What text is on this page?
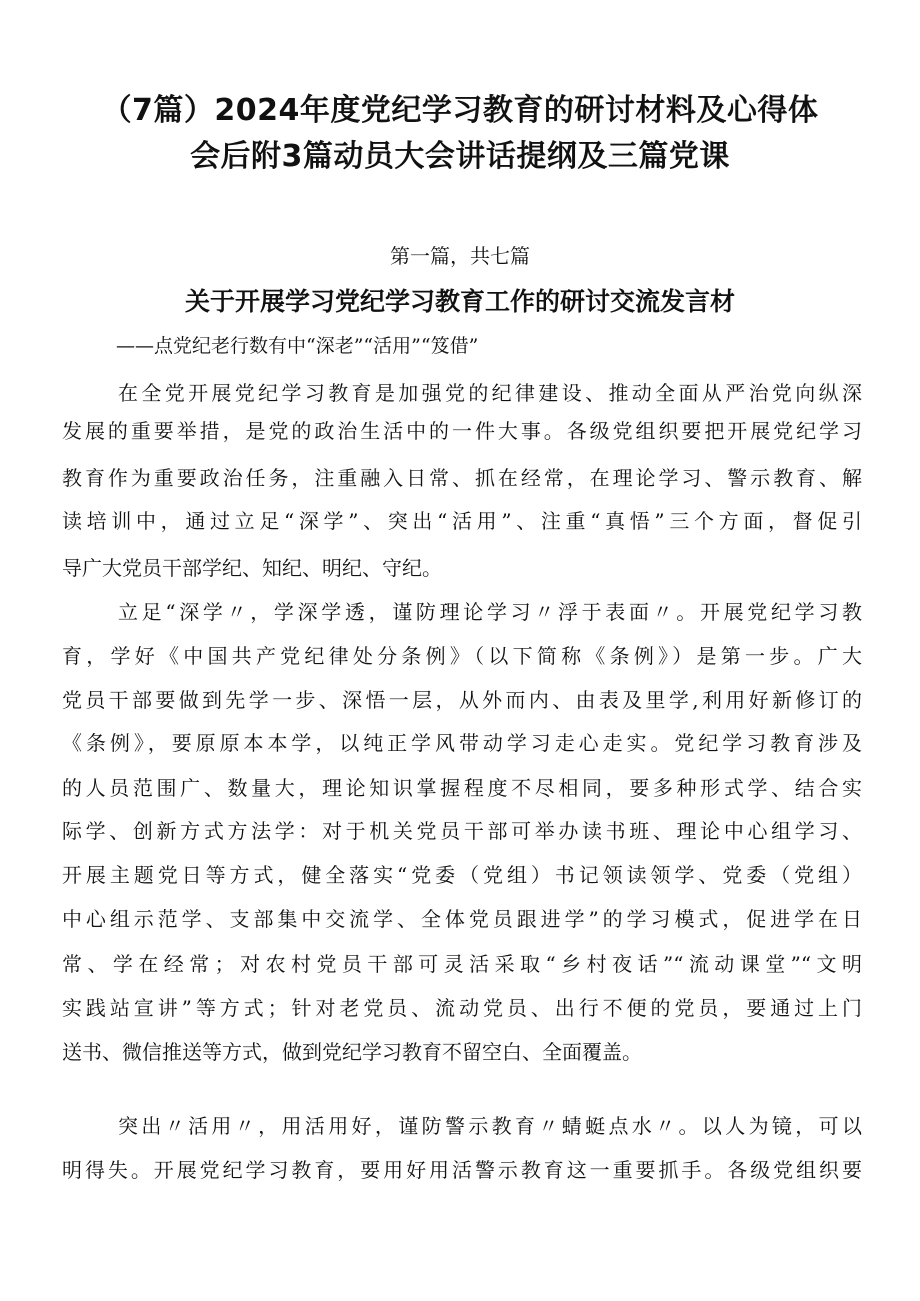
（7篇）2024年度党纪学习教育的研讨材料及心得体
会后附3篇动员大会讲话提纲及三篇党课
第一篇，共七篇
关于开展学习党纪学习教育工作的研讨交流发言材
——点党纪老行数有中“深老”“活用”“笈借”
在全党开展党纪学习教育是加强党的纪律建设、推动全面从严治党向纵深
发展的重要举措，是党的政治生活中的一件大事。各级党组织要把开展党纪学习
教育作为重要政治任务，注重融入日常、抓在经常，在理论学习、警示教育、解
读培训中，通过立足“深学”、突出“活用”、注重“真悟”三个方面，督促引
导广大党员干部学纪、知纪、明纪、守纪。
立足“深学〃，学深学透，谨防理论学习〃浮于表面〃。开展党纪学习教
育，学好《中国共产党纪律处分条例》（以下简称《条例》）是第一步。广大
党员干部要做到先学一步、深悟一层，从外而内、由表及里学,利用好新修订的
《条例》，要原原本本学，以纯正学风带动学习走心走实。党纪学习教育涉及
的人员范围广、数量大，理论知识掌握程度不尽相同，要多种形式学、结合实
际学、创新方式方法学：对于机关党员干部可举办读书班、理论中心组学习、
开展主题党日等方式，健全落实“党委（党组）书记领读领学、党委（党组）
中心组示范学、支部集中交流学、全体党员跟进学”的学习模式，促进学在日
常、学在经常；对农村党员干部可灵活采取“乡村夜话”“流动课堂”“文明
实践站宣讲”等方式；针对老党员、流动党员、出行不便的党员，要通过上门
送书、微信推送等方式，做到党纪学习教育不留空白、全面覆盖。
突出〃活用〃，用活用好，谨防警示教育〃蜻蜓点水〃。以人为镜，可以
明得失。开展党纪学习教育，要用好用活警示教育这一重要抓手。各级党组织要
